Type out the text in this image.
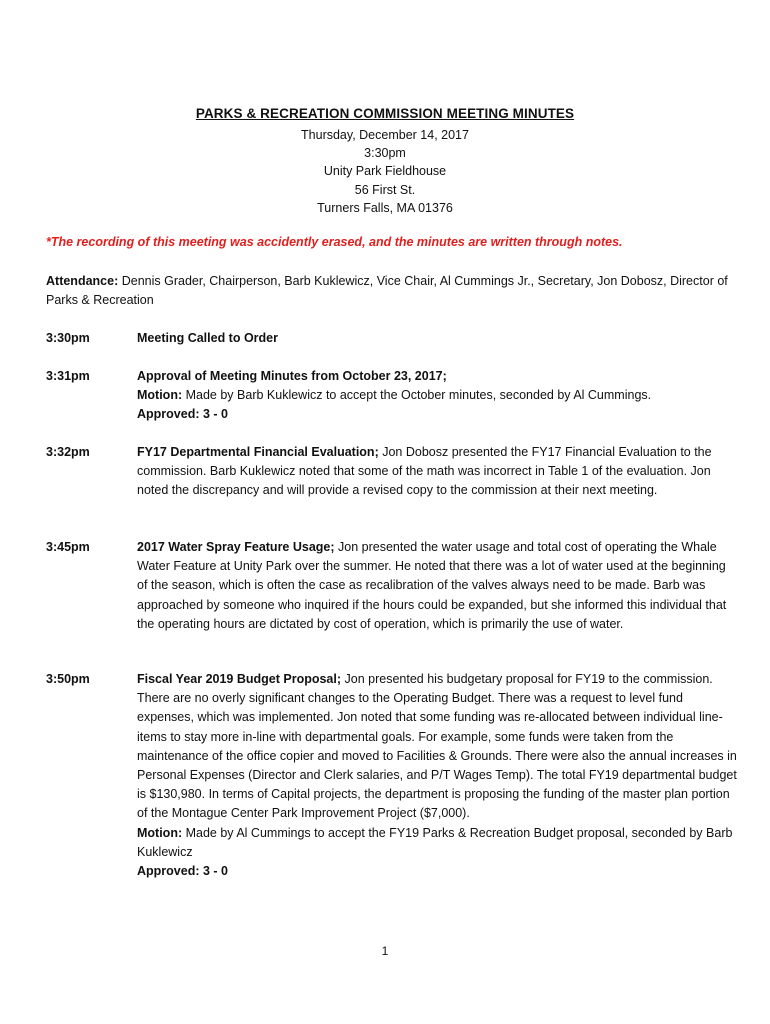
PARKS & RECREATION COMMISSION MEETING MINUTES
Thursday, December 14, 2017
3:30pm
Unity Park Fieldhouse
56 First St.
Turners Falls, MA 01376
*The recording of this meeting was accidently erased, and the minutes are written through notes.
Attendance: Dennis Grader, Chairperson, Barb Kuklewicz, Vice Chair, Al Cummings Jr., Secretary, Jon Dobosz, Director of Parks & Recreation
3:30pm	Meeting Called to Order
3:31pm	Approval of Meeting Minutes from October 23, 2017;
Motion: Made by Barb Kuklewicz to accept the October minutes, seconded by Al Cummings.
Approved: 3 - 0
3:32pm	FY17 Departmental Financial Evaluation; Jon Dobosz presented the FY17 Financial Evaluation to the commission. Barb Kuklewicz noted that some of the math was incorrect in Table 1 of the evaluation. Jon noted the discrepancy and will provide a revised copy to the commission at their next meeting.
3:45pm	2017 Water Spray Feature Usage; Jon presented the water usage and total cost of operating the Whale Water Feature at Unity Park over the summer. He noted that there was a lot of water used at the beginning of the season, which is often the case as recalibration of the valves always need to be made. Barb was approached by someone who inquired if the hours could be expanded, but she informed this individual that the operating hours are dictated by cost of operation, which is primarily the use of water.
3:50pm	Fiscal Year 2019 Budget Proposal; Jon presented his budgetary proposal for FY19 to the commission. There are no overly significant changes to the Operating Budget. There was a request to level fund expenses, which was implemented. Jon noted that some funding was re-allocated between individual line-items to stay more in-line with departmental goals. For example, some funds were taken from the maintenance of the office copier and moved to Facilities & Grounds. There were also the annual increases in Personal Expenses (Director and Clerk salaries, and P/T Wages Temp). The total FY19 departmental budget is $130,980. In terms of Capital projects, the department is proposing the funding of the master plan portion of the Montague Center Park Improvement Project ($7,000).
Motion: Made by Al Cummings to accept the FY19 Parks & Recreation Budget proposal, seconded by Barb Kuklewicz
Approved: 3 - 0
1
